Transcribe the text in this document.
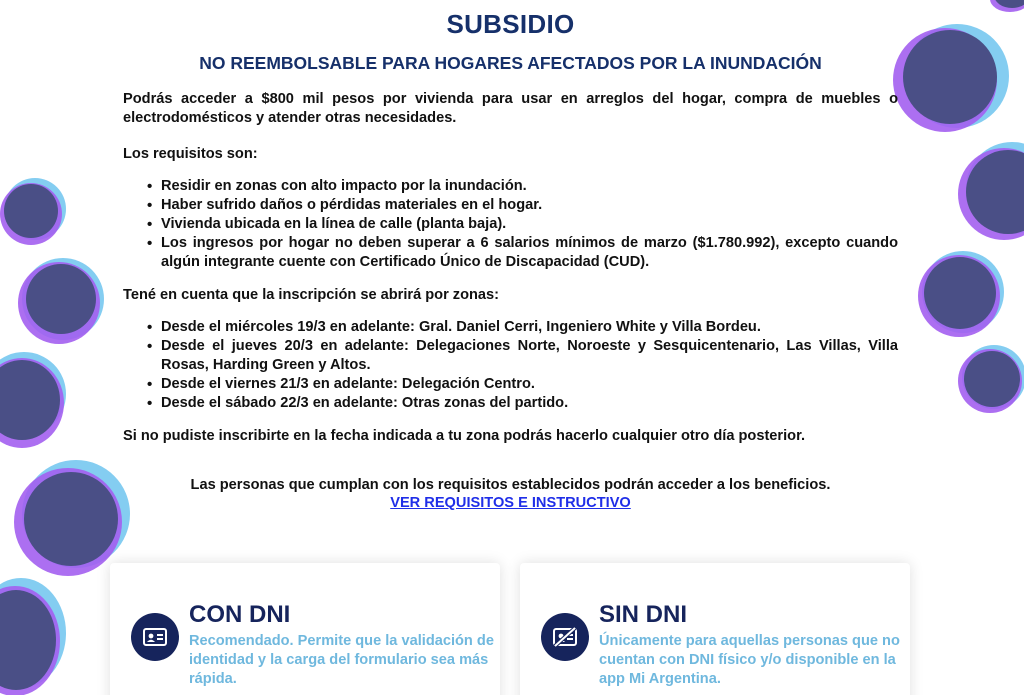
SUBSIDIO
NO REEMBOLSABLE PARA HOGARES AFECTADOS POR LA INUNDACIÓN
Podrás acceder a $800 mil pesos por vivienda para usar en arreglos del hogar, compra de muebles o electrodomésticos y atender otras necesidades.
Los requisitos son:
• Residir en zonas con alto impacto por la inundación.
• Haber sufrido daños o pérdidas materiales en el hogar.
• Vivienda ubicada en la línea de calle (planta baja).
• Los ingresos por hogar no deben superar a 6 salarios mínimos de marzo ($1.780.992), excepto cuando algún integrante cuente con Certificado Único de Discapacidad (CUD).
Tené en cuenta que la inscripción se abrirá por zonas:
• Desde el miércoles 19/3 en adelante: Gral. Daniel Cerri, Ingeniero White y Villa Bordeu.
• Desde el jueves 20/3 en adelante: Delegaciones Norte, Noroeste y Sesquicentenario, Las Villas, Villa Rosas, Harding Green y Altos.
• Desde el viernes 21/3 en adelante: Delegación Centro.
• Desde el sábado 22/3 en adelante: Otras zonas del partido.
Si no pudiste inscribirte en la fecha indicada a tu zona podrás hacerlo cualquier otro día posterior.
Las personas que cumplan con los requisitos establecidos podrán acceder a los beneficios.
VER REQUISITOS E INSTRUCTIVO
CON DNI
Recomendado. Permite que la validación de identidad y la carga del formulario sea más rápida.
SIN DNI
Únicamente para aquellas personas que no cuentan con DNI físico y/o disponible en la app Mi Argentina.
